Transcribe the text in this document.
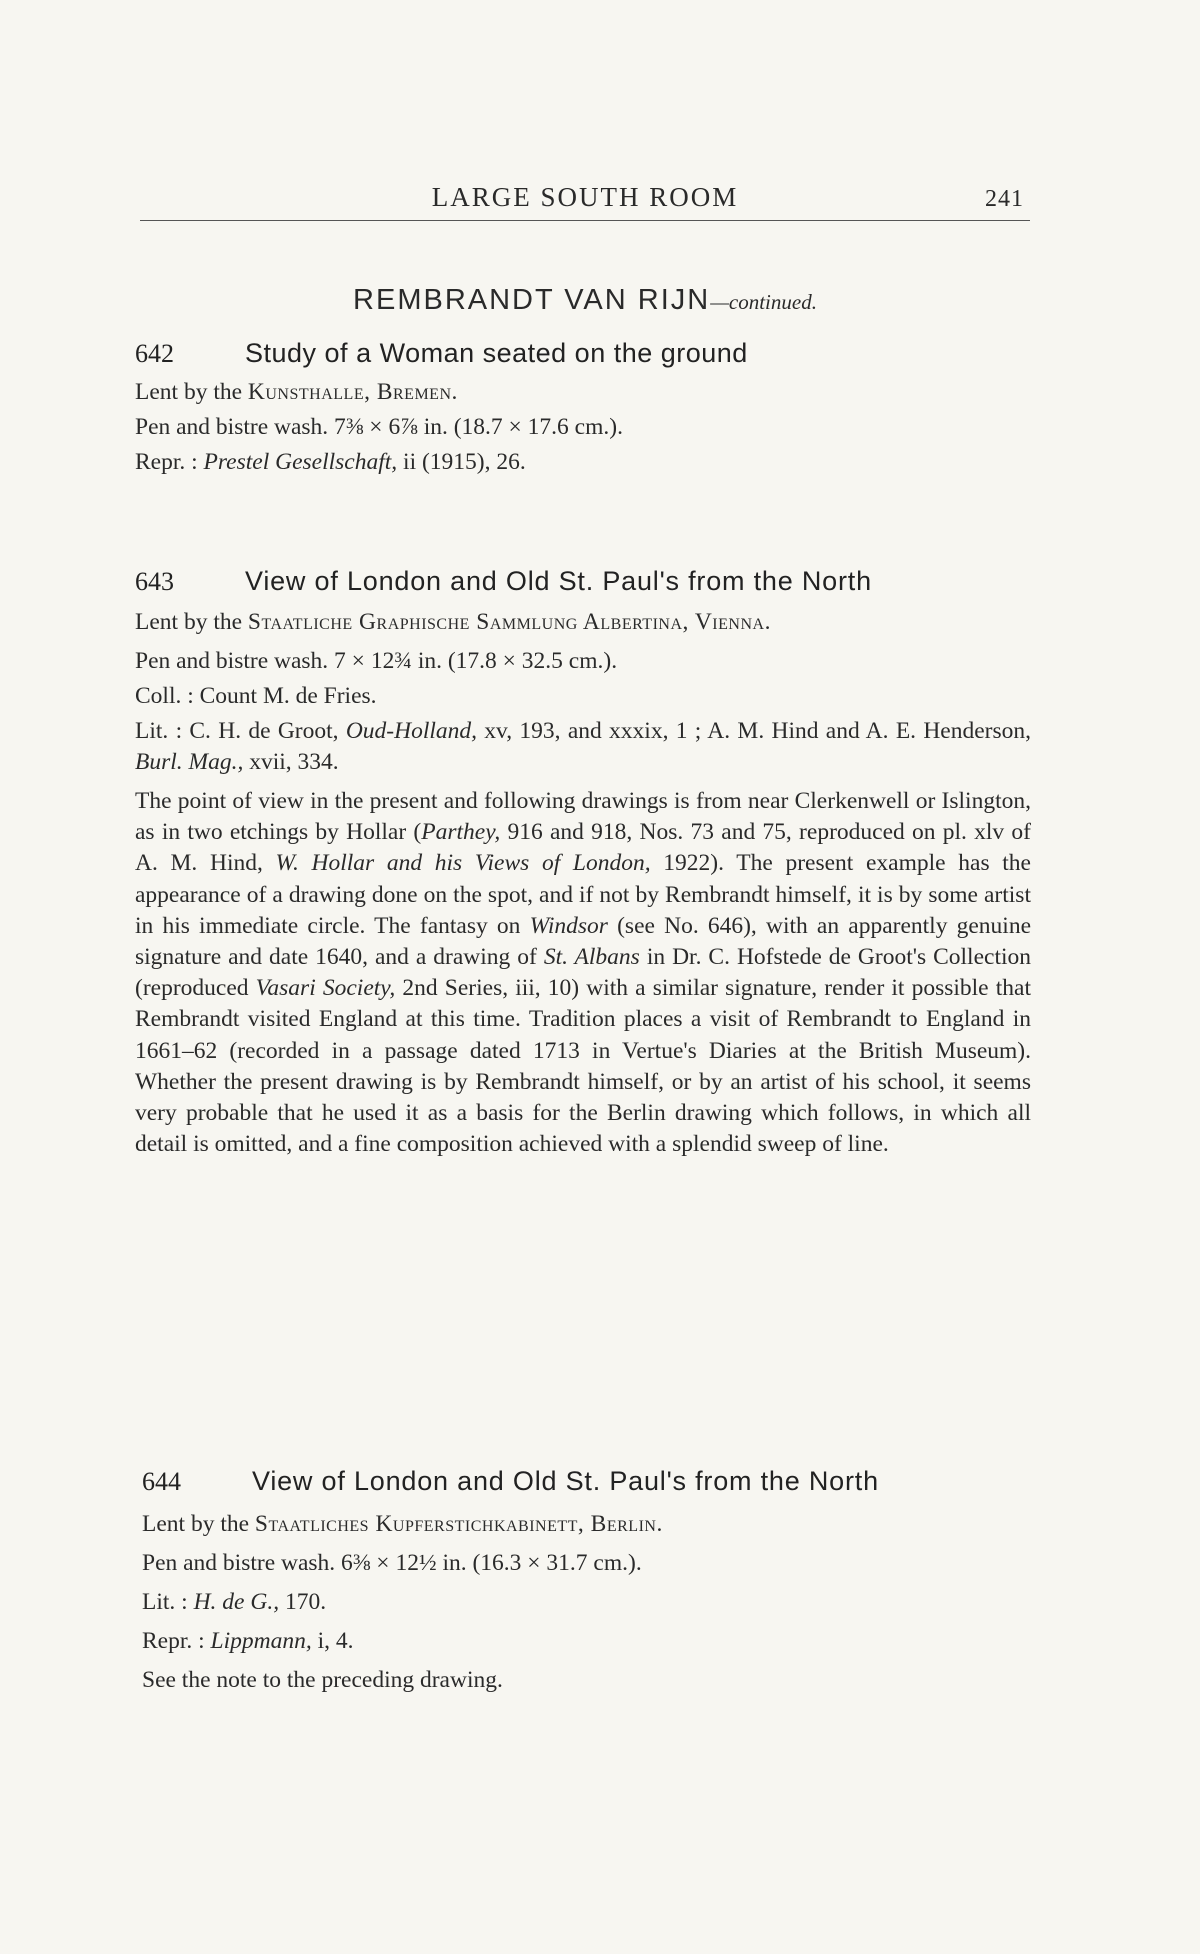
LARGE SOUTH ROOM	241
REMBRANDT VAN RIJN—continued.
642	Study of a Woman seated on the ground
Lent by the Kunsthalle, Bremen.
Pen and bistre wash. 7⅜ × 6⅞ in. (18.7 × 17.6 cm.).
Repr. : Prestel Gesellschaft, ii (1915), 26.
643	View of London and Old St. Paul's from the North
Lent by the Staatliche Graphische Sammlung Albertina, Vienna.
Pen and bistre wash. 7 × 12¾ in. (17.8 × 32.5 cm.).
Coll. : Count M. de Fries.
Lit. : C. H. de Groot, Oud-Holland, xv, 193, and xxxix, 1 ; A. M. Hind and A. E. Henderson, Burl. Mag., xvii, 334.
The point of view in the present and following drawings is from near Clerkenwell or Islington, as in two etchings by Hollar (Parthey, 916 and 918, Nos. 73 and 75, reproduced on pl. xlv of A. M. Hind, W. Hollar and his Views of London, 1922). The present example has the appearance of a drawing done on the spot, and if not by Rembrandt himself, it is by some artist in his immediate circle. The fantasy on Windsor (see No. 646), with an apparently genuine signature and date 1640, and a drawing of St. Albans in Dr. C. Hofstede de Groot's Collection (reproduced Vasari Society, 2nd Series, iii, 10) with a similar signature, render it possible that Rembrandt visited England at this time. Tradition places a visit of Rembrandt to England in 1661–62 (recorded in a passage dated 1713 in Vertue's Diaries at the British Museum). Whether the present drawing is by Rembrandt himself, or by an artist of his school, it seems very probable that he used it as a basis for the Berlin drawing which follows, in which all detail is omitted, and a fine composition achieved with a splendid sweep of line.
644	View of London and Old St. Paul's from the North
Lent by the Staatliches Kupferstichkabinett, Berlin.
Pen and bistre wash. 6⅜ × 12½ in. (16.3 × 31.7 cm.).
Lit. : H. de G., 170.
Repr. : Lippmann, i, 4.
See the note to the preceding drawing.
